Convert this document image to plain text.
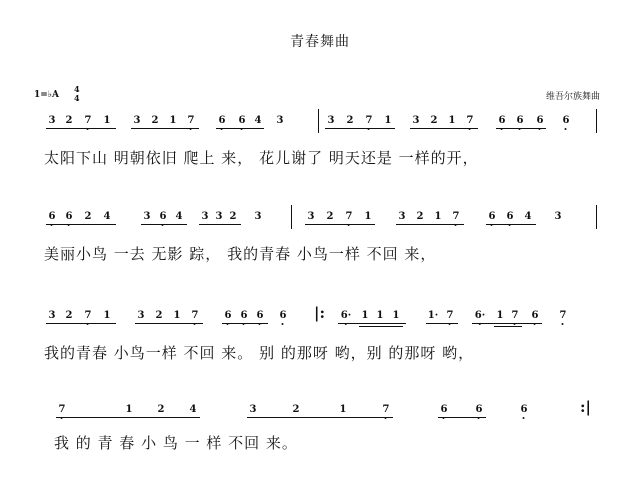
青春舞曲
1=♭A
4
4	维吾尔族舞曲
3 2 7 1 3 2 1 7 6 6 4 3	3 2 7 1 3 2 1 7	6 6 6 6
太阳下山 明朝依旧 爬上 来， 花儿谢了 明天还是 一样的开，
6 6 2 4	3 6 4 3 3 2 3	3 2 7 1	3 2 1 7	6 6 4 3
美丽小鸟 一去 无影 踪， 我的青春 小鸟一样 不回 来，
3 2 7 1	3 2 1 7	6 6 6 6	6· 1 1 1	1· 7 6· 1 7 6 7
|:
我的青春 小鸟一样 不回 来。 别 的那呀 哟，别 的那呀 哟，
7	1	2	4	3	2	1	7	6	6	6	:|
我 的 青 春 小 鸟 一 样 不回 来。
